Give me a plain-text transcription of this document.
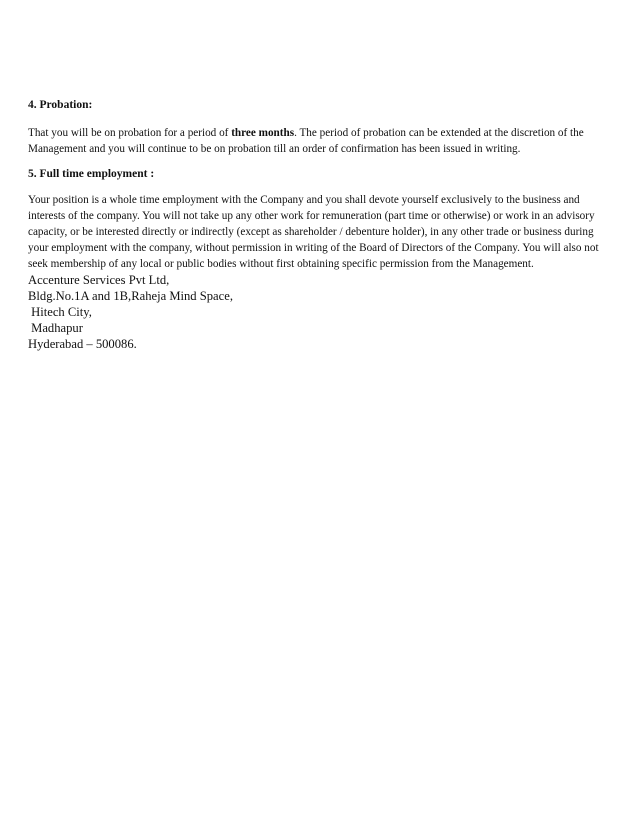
4. Probation:

That you will be on probation for a period of three months. The period of probation can be extended at the discretion of the Management and you will continue to be on probation till an order of confirmation has been issued in writing.

5. Full time employment :

Your position is a whole time employment with the Company and you shall devote yourself exclusively to the business and interests of the company. You will not take up any other work for remuneration (part time or otherwise) or work in an advisory capacity, or be interested directly or indirectly (except as shareholder / debenture holder), in any other trade or business during your employment with the company, without permission in writing of the Board of Directors of the Company. You will also not seek membership of any local or public bodies without first obtaining specific permission from the Management.

Accenture Services Pvt Ltd,

Bldg.No.1A and 1B,Raheja Mind Space,

Hitech City,

Madhapur

Hyderabad – 500086.
